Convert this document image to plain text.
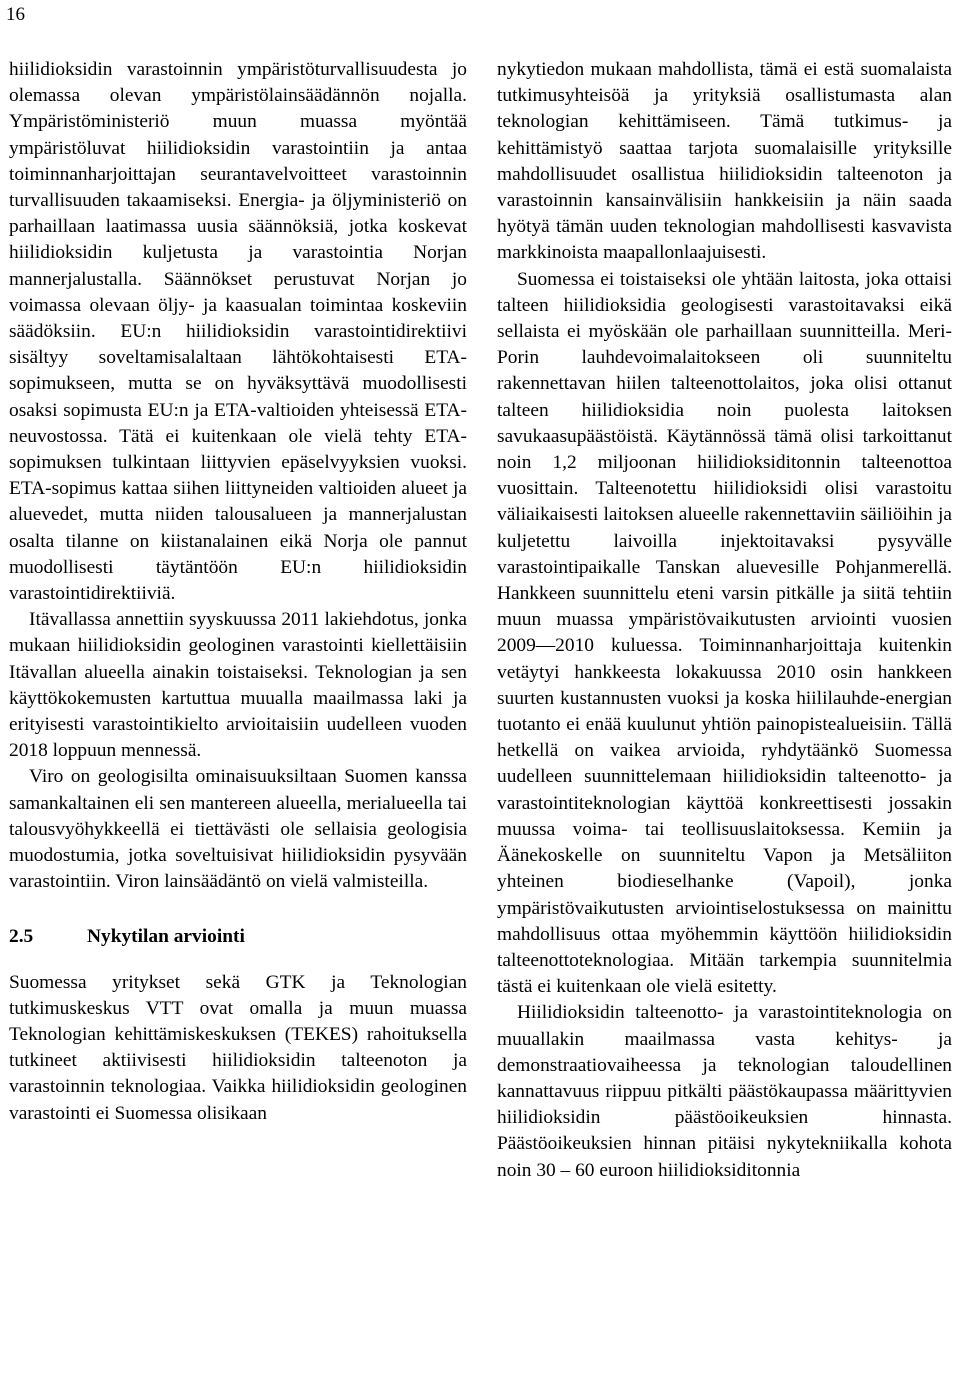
16

hiilidioksidin varastoinnin ympäristöturvallisuudesta jo olemassa olevan ympäristölainsäädännön nojalla. Ympäristöministeriö muun muassa myöntää ympäristöluvat hiilidioksidin varastointiin ja antaa toiminnanharjoittajan seurantavelvoitteet varastoinnin turvallisuuden takaamiseksi. Energia- ja öljyministeriö on parhaillaan laatimassa uusia säännöksiä, jotka koskevat hiilidioksidin kuljetusta ja varastointia Norjan mannerjalustalla. Säännökset perustuvat Norjan jo voimassa olevaan öljy- ja kaasualan toimintaa koskeviin säädöksiin. EU:n hiilidioksidin varastointidirektiivi sisältyy soveltamisalaltaan lähtökohtaisesti ETA-sopimukseen, mutta se on hyväksyttävä muodollisesti osaksi sopimusta EU:n ja ETA-valtioiden yhteisessä ETA-neuvostossa. Tätä ei kuitenkaan ole vielä tehty ETA-sopimuksen tulkintaan liittyvien epäselvyyksien vuoksi. ETA-sopimus kattaa siihen liittyneiden valtioiden alueet ja aluevedet, mutta niiden talousalueen ja mannerjalustan osalta tilanne on kiistanalainen eikä Norja ole pannut muodollisesti täytäntöön EU:n hiilidioksidin varastointidirektiiviä.

Itävallassa annettiin syyskuussa 2011 lakiehdotus, jonka mukaan hiilidioksidin geologinen varastointi kiellettäisiin Itävallan alueella ainakin toistaiseksi. Teknologian ja sen käyttökokemusten kartuttua muualla maailmassa laki ja erityisesti varastointikielto arvioitaisiin uudelleen vuoden 2018 loppuun mennessä.

Viro on geologisilta ominaisuuksiltaan Suomen kanssa samankaltainen eli sen mantereen alueella, merialueella tai talousvyöhykkeellä ei tiettävästi ole sellaisia geologisia muodostumia, jotka soveltuisivat hiilidioksidin pysyvään varastointiin. Viron lainsäädäntö on vielä valmisteilla.

2.5	Nykytilan arviointi

Suomessa yritykset sekä GTK ja Teknologian tutkimuskeskus VTT ovat omalla ja muun muassa Teknologian kehittämiskeskuksen (TEKES) rahoituksella tutkineet aktiivisesti hiilidioksidin talteenoton ja varastoinnin teknologiaa. Vaikka hiilidioksidin geologinen varastointi ei Suomessa olisikaan

nykytiedon mukaan mahdollista, tämä ei estä suomalaista tutkimusyhteisöä ja yrityksiä osallistumasta alan teknologian kehittämiseen. Tämä tutkimus- ja kehittämistyö saattaa tarjota suomalaisille yrityksille mahdollisuudet osallistua hiilidioksidin talteenoton ja varastoinnin kansainvälisiin hankkeisiin ja näin saada hyötyä tämän uuden teknologian mahdollisesti kasvavista markkinoista maapallonlaajuisesti.

Suomessa ei toistaiseksi ole yhtään laitosta, joka ottaisi talteen hiilidioksidia geologisesti varastoitavaksi eikä sellaista ei myöskään ole parhaillaan suunnitteilla. Meri-Porin lauhdevoimalaitokseen oli suunniteltu rakennettavan hiilen talteenottolaitos, joka olisi ottanut talteen hiilidioksidia noin puolesta laitoksen savukaasupäästöistä. Käytännössä tämä olisi tarkoittanut noin 1,2 miljoonan hiilidioksiditonnin talteenottoa vuosittain. Talteenotettu hiilidioksidi olisi varastoitu väliaikaisesti laitoksen alueelle rakennettaviin säiliöihin ja kuljetettu laivoilla injektoitavaksi pysyvälle varastointipaikalle Tanskan aluevesille Pohjanmerellä. Hankkeen suunnittelu eteni varsin pitkälle ja siitä tehtiin muun muassa ympäristövaikutusten arviointi vuosien 2009—2010 kuluessa. Toiminnanharjoittaja kuitenkin vetäytyi hankkeesta lokakuussa 2010 osin hankkeen suurten kustannusten vuoksi ja koska hiililauhde-energian tuotanto ei enää kuulunut yhtiön painopistealueisiin. Tällä hetkellä on vaikea arvioida, ryhdytäänkö Suomessa uudelleen suunnittelemaan hiilidioksidin talteenotto- ja varastointiteknologian käyttöä konkreettisesti jossakin muussa voima- tai teollisuuslaitoksessa. Kemiin ja Äänekoskelle on suunniteltu Vapon ja Metsäliiton yhteinen biodieselhanke (Vapoil), jonka ympäristövaikutusten arviointiselostuksessa on mainittu mahdollisuus ottaa myöhemmin käyttöön hiilidioksidin talteenottoteknologiaa. Mitään tarkempia suunnitelmia tästä ei kuitenkaan ole vielä esitetty.

Hiilidioksidin talteenotto- ja varastointiteknologia on muuallakin maailmassa vasta kehitys- ja demonstraatiovaiheessa ja teknologian taloudellinen kannattavuus riippuu pitkälti päästökaupassa määrittyvien hiilidioksidin päästöoikeuksien hinnasta. Päästöoikeuksien hinnan pitäisi nykytekniikalla kohota noin 30 – 60 euroon hiilidioksiditonnia
